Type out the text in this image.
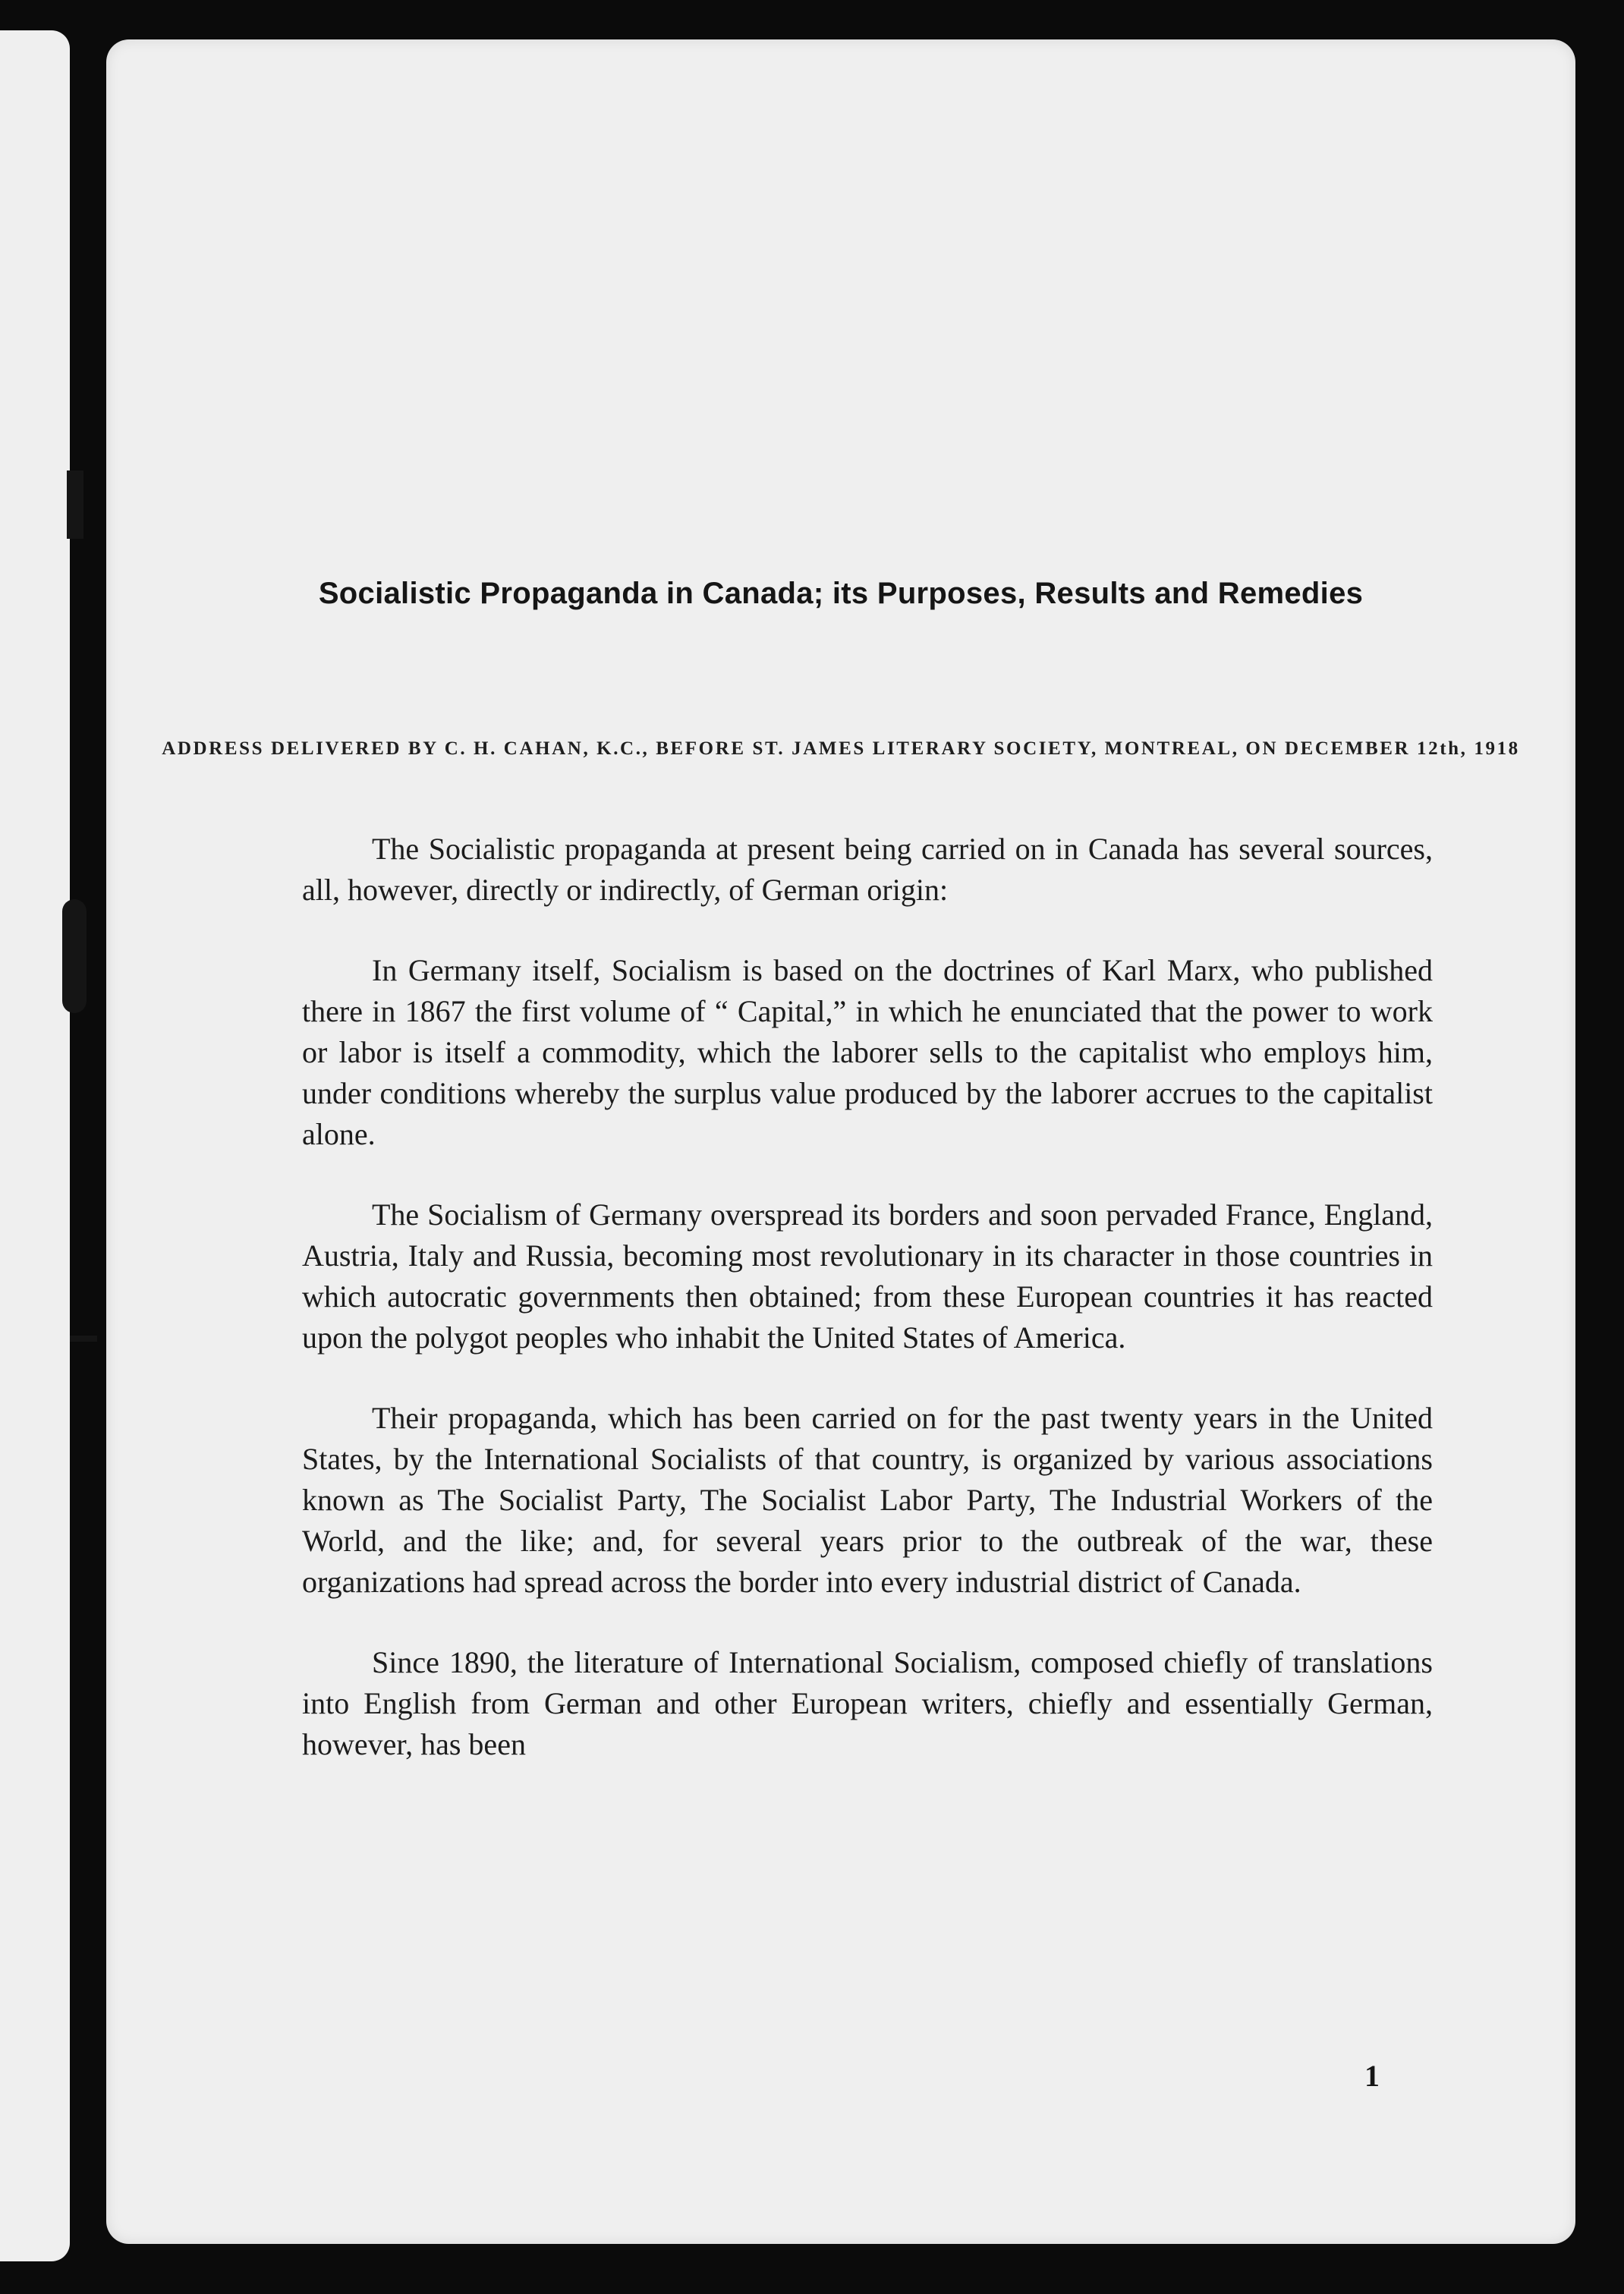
Socialistic Propaganda in Canada; its Purposes, Results and Remedies
ADDRESS DELIVERED BY C. H. CAHAN, K.C., BEFORE ST. JAMES LITERARY SOCIETY, MONTREAL, ON DECEMBER 12th, 1918

The Socialistic propaganda at present being carried on in Canada has several sources, all, however, directly or indirectly, of German origin:

In Germany itself, Socialism is based on the doctrines of Karl Marx, who published there in 1867 the first volume of “ Capital,” in which he enunciated that the power to work or labor is itself a commodity, which the laborer sells to the capitalist who employs him, under conditions whereby the surplus value produced by the laborer accrues to the capitalist alone.

The Socialism of Germany overspread its borders and soon pervaded France, England, Austria, Italy and Russia, becoming most revolutionary in its character in those countries in which autocratic governments then obtained; from these European countries it has reacted upon the polygot peoples who inhabit the United States of America.

Their propaganda, which has been carried on for the past twenty years in the United States, by the International Socialists of that country, is organized by various associations known as The Socialist Party, The Socialist Labor Party, The Industrial Workers of the World, and the like; and, for several years prior to the outbreak of the war, these organizations had spread across the border into every industrial district of Canada.

Since 1890, the literature of International Socialism, composed chiefly of translations into English from German and other European writers, chiefly and essentially German, however, has been

1
